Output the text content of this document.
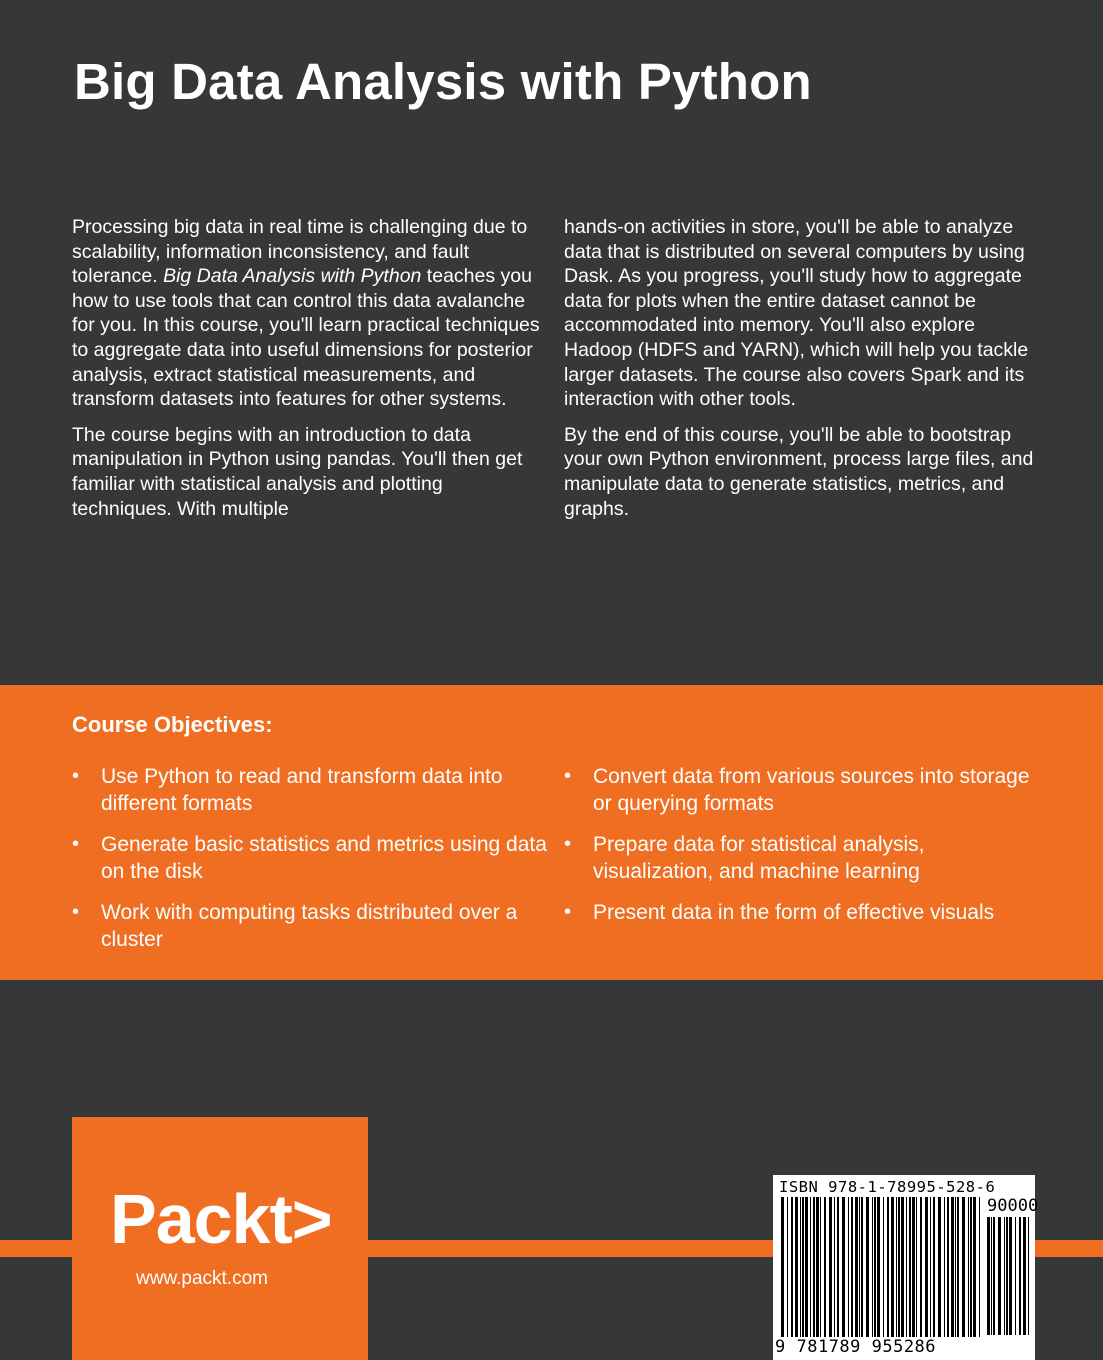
Big Data Analysis with Python

Processing big data in real time is challenging due to scalability, information inconsistency, and fault tolerance. Big Data Analysis with Python teaches you how to use tools that can control this data avalanche for you. In this course, you'll learn practical techniques to aggregate data into useful dimensions for posterior analysis, extract statistical measurements, and transform datasets into features for other systems.

The course begins with an introduction to data manipulation in Python using pandas. You'll then get familiar with statistical analysis and plotting techniques. With multiple

hands-on activities in store, you'll be able to analyze data that is distributed on several computers by using Dask. As you progress, you'll study how to aggregate data for plots when the entire dataset cannot be accommodated into memory. You'll also explore Hadoop (HDFS and YARN), which will help you tackle larger datasets. The course also covers Spark and its interaction with other tools.

By the end of this course, you'll be able to bootstrap your own Python environment, process large files, and manipulate data to generate statistics, metrics, and graphs.

Course Objectives:
• Use Python to read and transform data into different formats
• Generate basic statistics and metrics using data on the disk
• Work with computing tasks distributed over a cluster
• Convert data from various sources into storage or querying formats
• Prepare data for statistical analysis, visualization, and machine learning
• Present data in the form of effective visuals
Packt>
www.packt.com
ISBN 978-1-78995-528-6
90000
9 781789 955286
